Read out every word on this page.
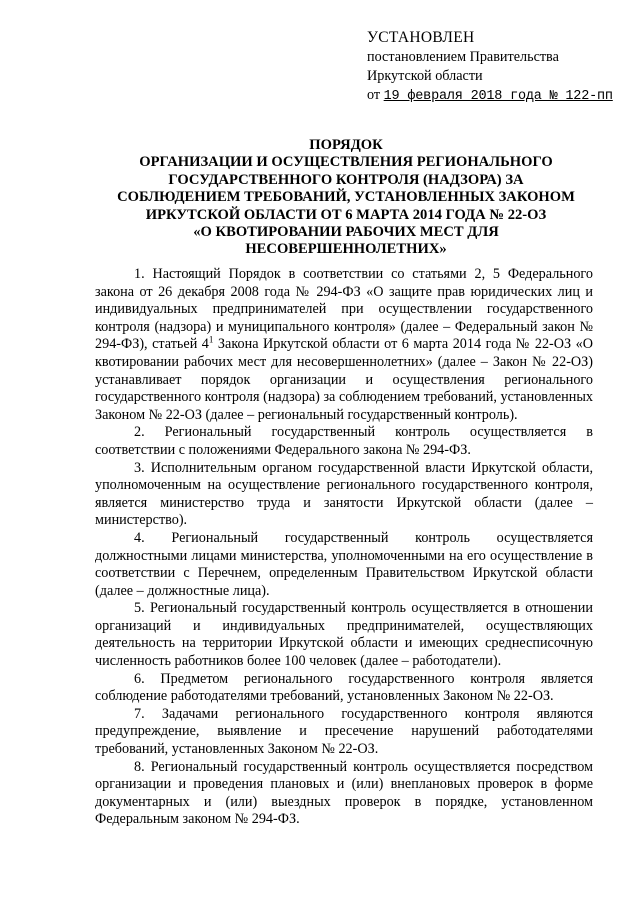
УСТАНОВЛЕН
постановлением Правительства
Иркутской области
от 19 февраля 2018 года № 122-пп
ПОРЯДОК
ОРГАНИЗАЦИИ И ОСУЩЕСТВЛЕНИЯ РЕГИОНАЛЬНОГО
ГОСУДАРСТВЕННОГО КОНТРОЛЯ (НАДЗОРА) ЗА
СОБЛЮДЕНИЕМ ТРЕБОВАНИЙ, УСТАНОВЛЕННЫХ ЗАКОНОМ
ИРКУТСКОЙ ОБЛАСТИ ОТ 6 МАРТА 2014 ГОДА № 22-ОЗ
«О КВОТИРОВАНИИ РАБОЧИХ МЕСТ ДЛЯ
НЕСОВЕРШЕННОЛЕТНИХ»

1. Настоящий Порядок в соответствии со статьями 2, 5 Федерального закона от 26 декабря 2008 года № 294-ФЗ «О защите прав юридических лиц и индивидуальных предпринимателей при осуществлении государственного контроля (надзора) и муниципального контроля» (далее – Федеральный закон № 294-ФЗ), статьей $4^1$ Закона Иркутской области от 6 марта 2014 года № 22-ОЗ «О квотировании рабочих мест для несовершеннолетних» (далее – Закон № 22-ОЗ) устанавливает порядок организации и осуществления регионального государственного контроля (надзора) за соблюдением требований, установленных Законом № 22-ОЗ (далее – региональный государственный контроль).

2. Региональный государственный контроль осуществляется в соответствии с положениями Федерального закона № 294-ФЗ.

3. Исполнительным органом государственной власти Иркутской области, уполномоченным на осуществление регионального государственного контроля, является министерство труда и занятости Иркутской области (далее – министерство).

4. Региональный государственный контроль осуществляется должностными лицами министерства, уполномоченными на его осуществление в соответствии с Перечнем, определенным Правительством Иркутской области (далее – должностные лица).

5. Региональный государственный контроль осуществляется в отношении организаций и индивидуальных предпринимателей, осуществляющих деятельность на территории Иркутской области и имеющих среднесписочную численность работников более 100 человек (далее – работодатели).

6. Предметом регионального государственного контроля является соблюдение работодателями требований, установленных Законом № 22-ОЗ.

7. Задачами регионального государственного контроля являются предупреждение, выявление и пресечение нарушений работодателями требований, установленных Законом № 22-ОЗ.

8. Региональный государственный контроль осуществляется посредством организации и проведения плановых и (или) внеплановых проверок в форме документарных и (или) выездных проверок в порядке, установленном Федеральным законом № 294-ФЗ.
